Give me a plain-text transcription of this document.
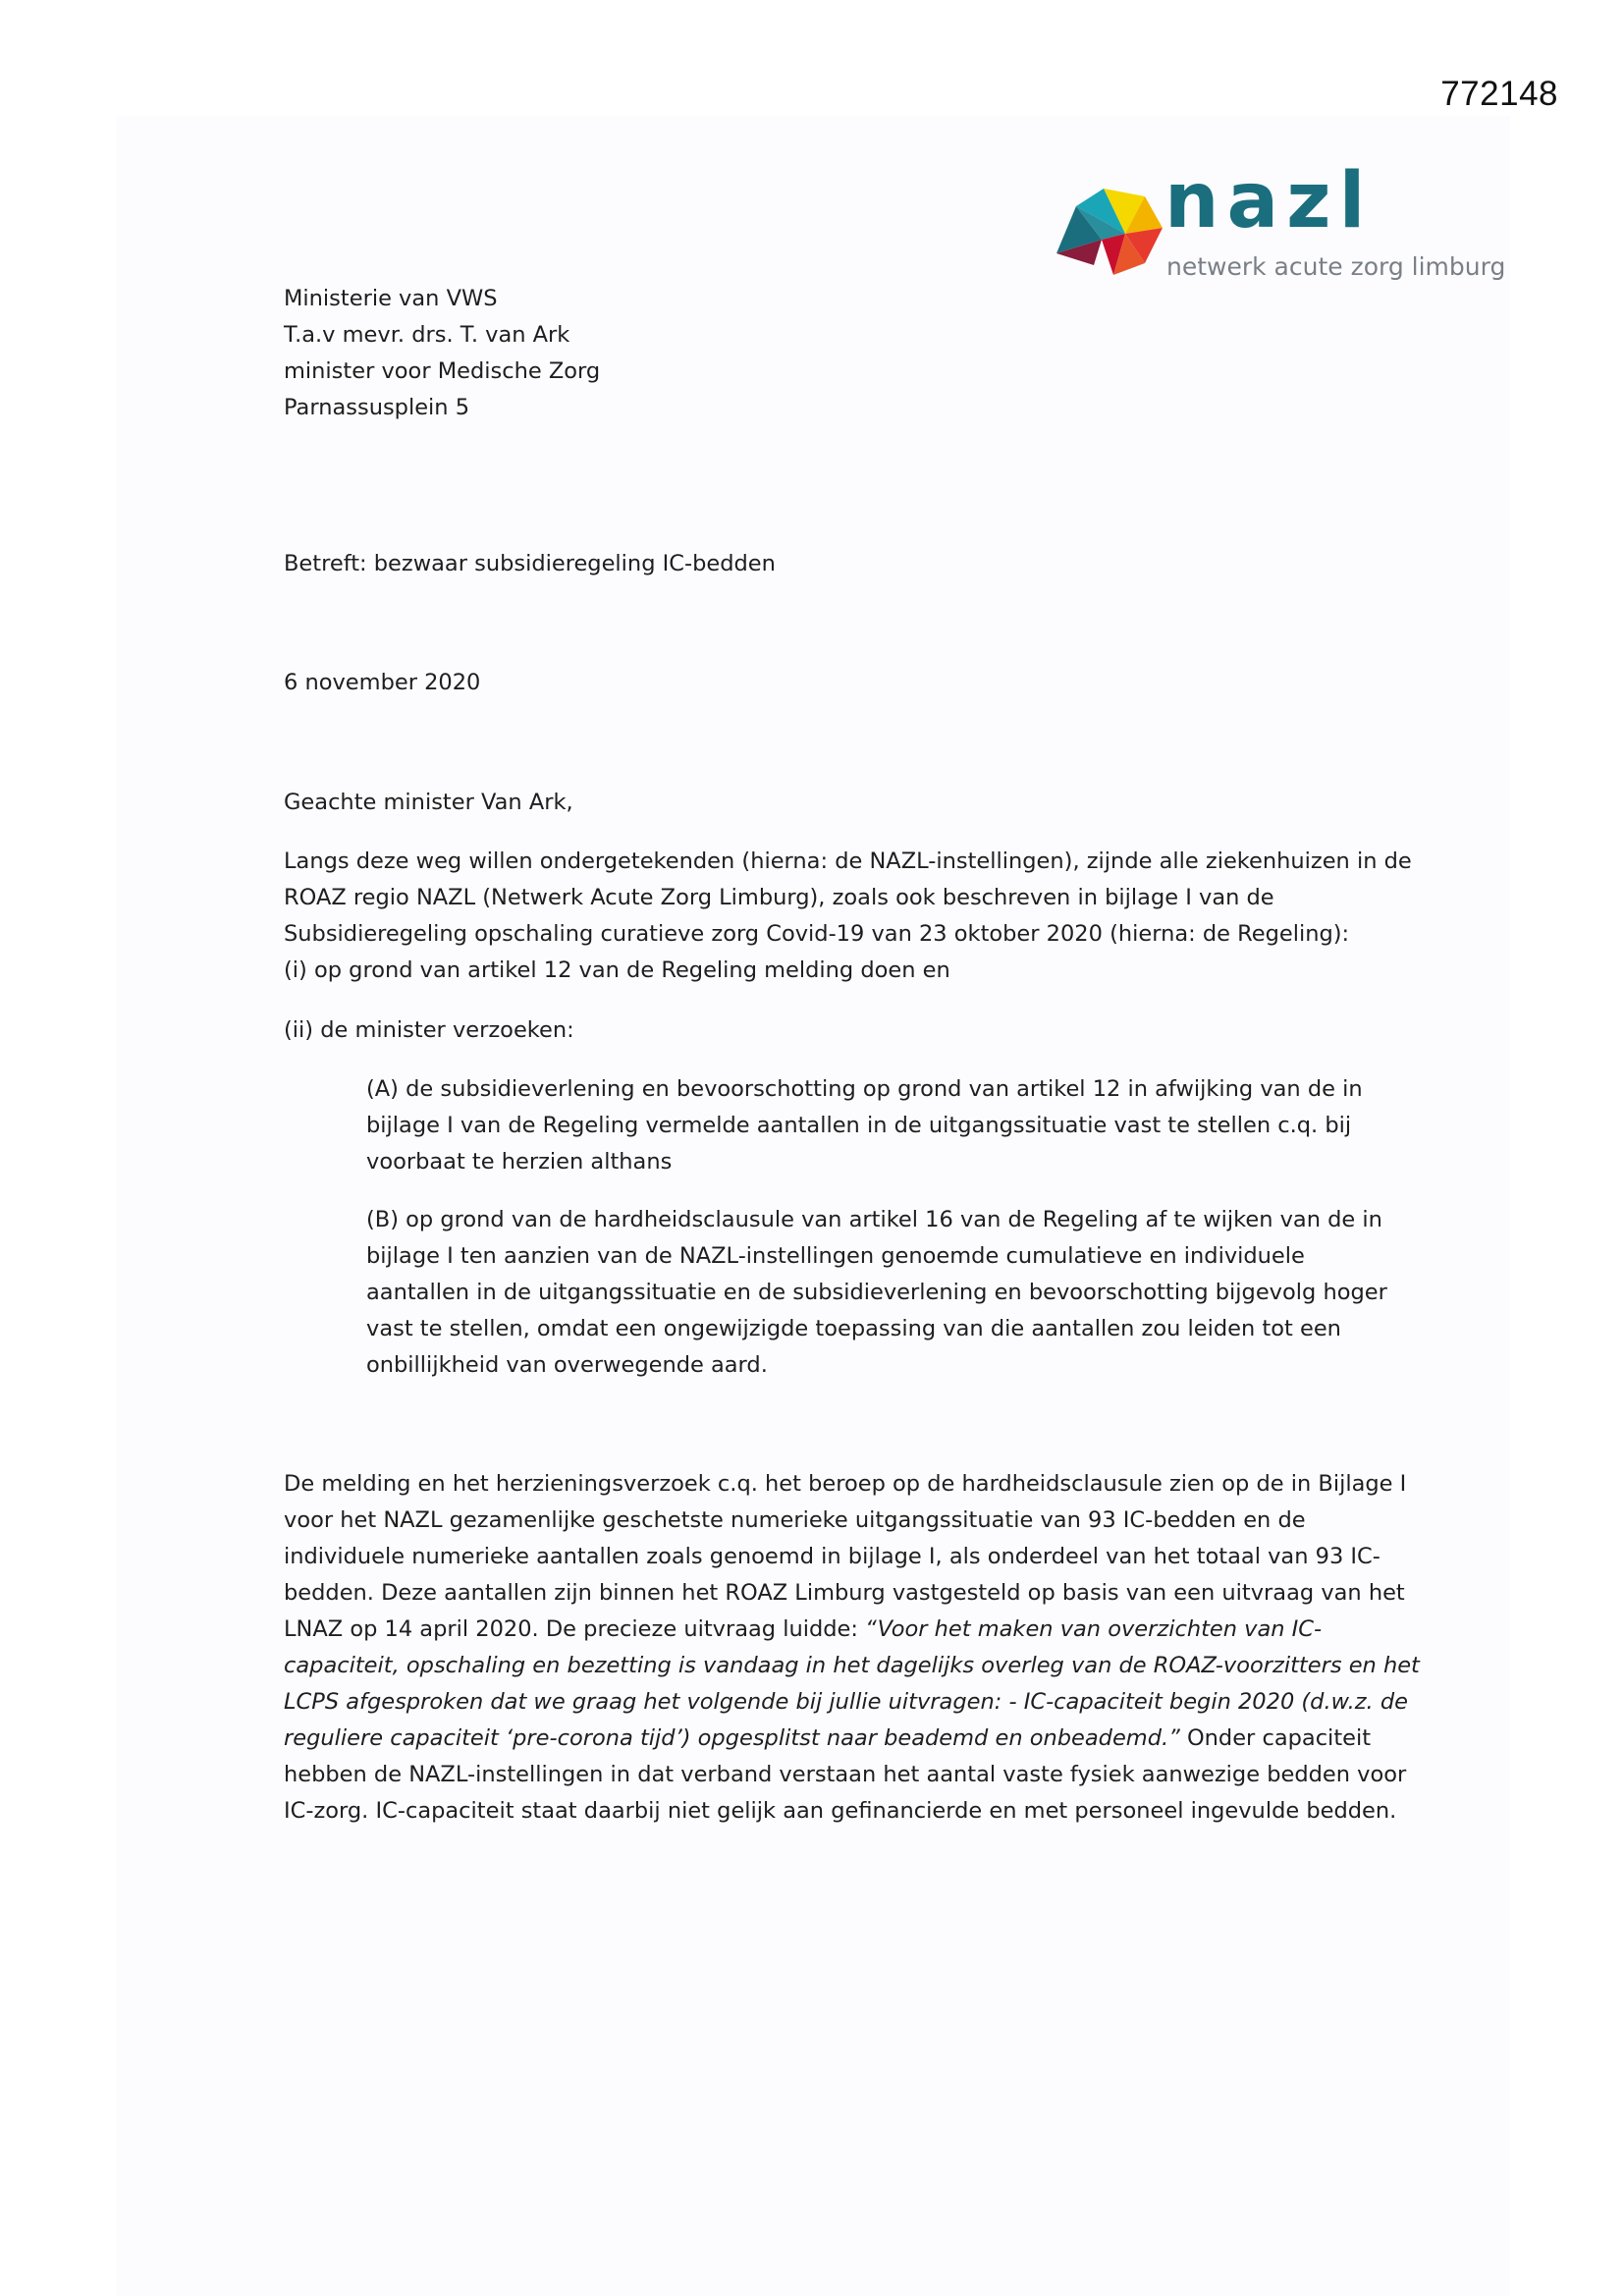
772148
nazl
netwerk acute zorg limburg

Ministerie van VWS

T.a.v mevr. drs. T. van Ark

minister voor Medische Zorg

Parnassusplein 5

Betreft: bezwaar subsidieregeling IC-bedden

6 november 2020

Geachte minister Van Ark,

Langs deze weg willen ondergetekenden (hierna: de NAZL-instellingen), zijnde alle ziekenhuizen in de

ROAZ regio NAZL (Netwerk Acute Zorg Limburg), zoals ook beschreven in bijlage I van de

Subsidieregeling opschaling curatieve zorg Covid-19 van 23 oktober 2020 (hierna: de Regeling):

(i) op grond van artikel 12 van de Regeling melding doen en

(ii) de minister verzoeken:

(A) de subsidieverlening en bevoorschotting op grond van artikel 12 in afwijking van de in

bijlage I van de Regeling vermelde aantallen in de uitgangssituatie vast te stellen c.q. bij

voorbaat te herzien althans

(B) op grond van de hardheidsclausule van artikel 16 van de Regeling af te wijken van de in

bijlage I ten aanzien van de NAZL-instellingen genoemde cumulatieve en individuele

aantallen in de uitgangssituatie en de subsidieverlening en bevoorschotting bijgevolg hoger

vast te stellen, omdat een ongewijzigde toepassing van die aantallen zou leiden tot een

onbillijkheid van overwegende aard.

De melding en het herzieningsverzoek c.q. het beroep op de hardheidsclausule zien op de in Bijlage I

voor het NAZL gezamenlijke geschetste numerieke uitgangssituatie van 93 IC-bedden en de

individuele numerieke aantallen zoals genoemd in bijlage I, als onderdeel van het totaal van 93 IC-

bedden. Deze aantallen zijn binnen het ROAZ Limburg vastgesteld op basis van een uitvraag van het

LNAZ op 14 april 2020. De precieze uitvraag luidde: “Voor het maken van overzichten van IC-

capaciteit, opschaling en bezetting is vandaag in het dagelijks overleg van de ROAZ-voorzitters en het

LCPS afgesproken dat we graag het volgende bij jullie uitvragen: - IC-capaciteit begin 2020 (d.w.z. de

reguliere capaciteit ‘pre-corona tijd’) opgesplitst naar beademd en onbeademd.” Onder capaciteit

hebben de NAZL-instellingen in dat verband verstaan het aantal vaste fysiek aanwezige bedden voor

IC-zorg. IC-capaciteit staat daarbij niet gelijk aan gefinancierde en met personeel ingevulde bedden.
